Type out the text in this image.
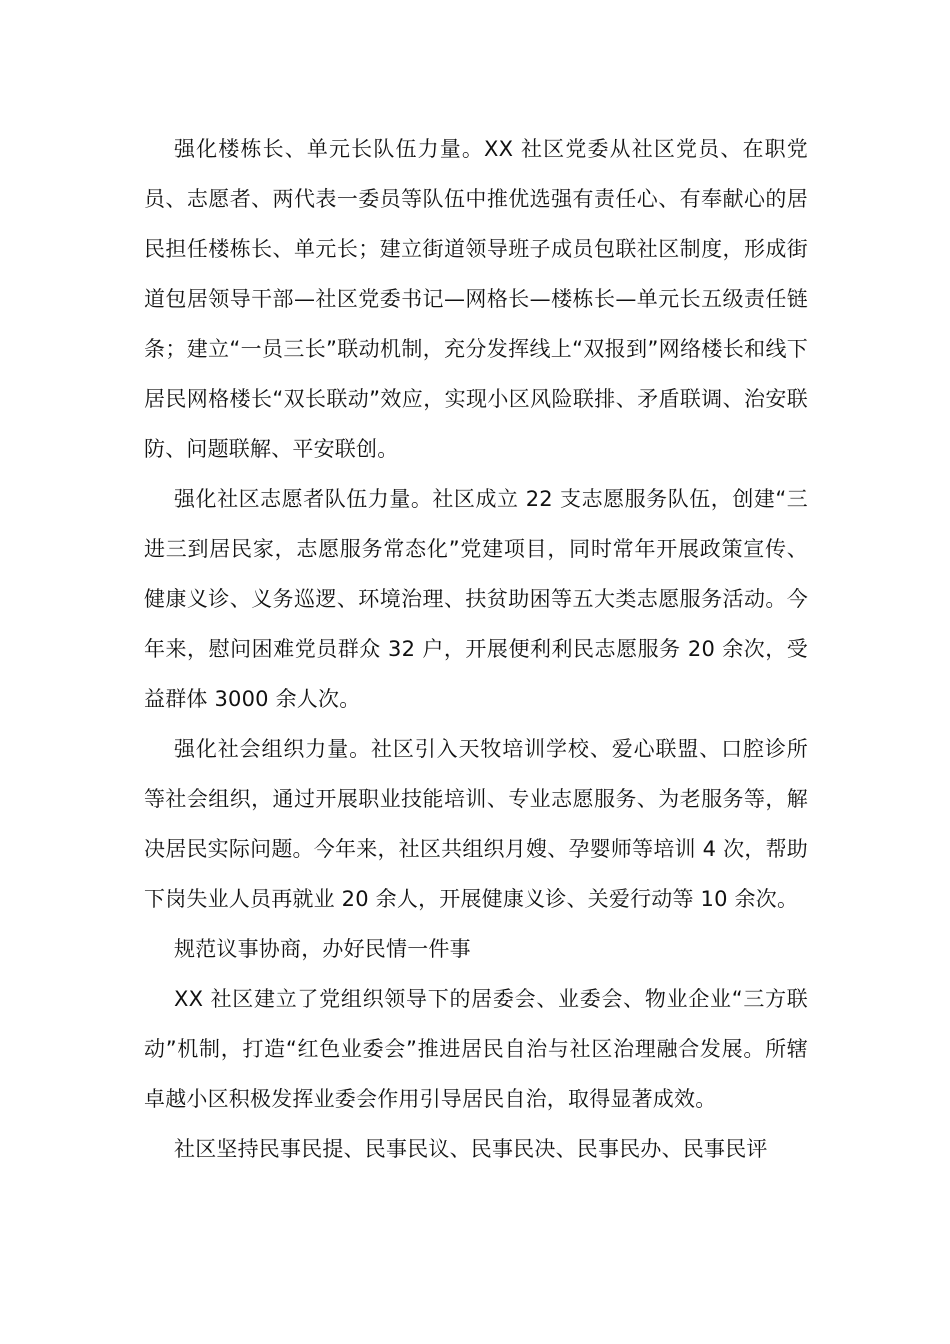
强化楼栋长、单元长队伍力量。XX 社区党委从社区党员、在职党员、志愿者、两代表一委员等队伍中推优选强有责任心、有奉献心的居民担任楼栋长、单元长；建立街道领导班子成员包联社区制度，形成街道包居领导干部—社区党委书记—网格长—楼栋长—单元长五级责任链条；建立“一员三长”联动机制，充分发挥线上“双报到”网络楼长和线下居民网格楼长“双长联动”效应，实现小区风险联排、矛盾联调、治安联防、问题联解、平安联创。

强化社区志愿者队伍力量。社区成立 22 支志愿服务队伍，创建“三进三到居民家，志愿服务常态化”党建项目，同时常年开展政策宣传、健康义诊、义务巡逻、环境治理、扶贫助困等五大类志愿服务活动。今年来，慰问困难党员群众 32 户，开展便利利民志愿服务 20 余次，受益群体 3000 余人次。

强化社会组织力量。社区引入天牧培训学校、爱心联盟、口腔诊所等社会组织，通过开展职业技能培训、专业志愿服务、为老服务等，解决居民实际问题。今年来，社区共组织月嫂、孕婴师等培训 4 次，帮助下岗失业人员再就业 20 余人，开展健康义诊、关爱行动等 10 余次。

规范议事协商，办好民情一件事

XX 社区建立了党组织领导下的居委会、业委会、物业企业“三方联动”机制，打造“红色业委会”推进居民自治与社区治理融合发展。所辖卓越小区积极发挥业委会作用引导居民自治，取得显著成效。

社区坚持民事民提、民事民议、民事民决、民事民办、民事民评
